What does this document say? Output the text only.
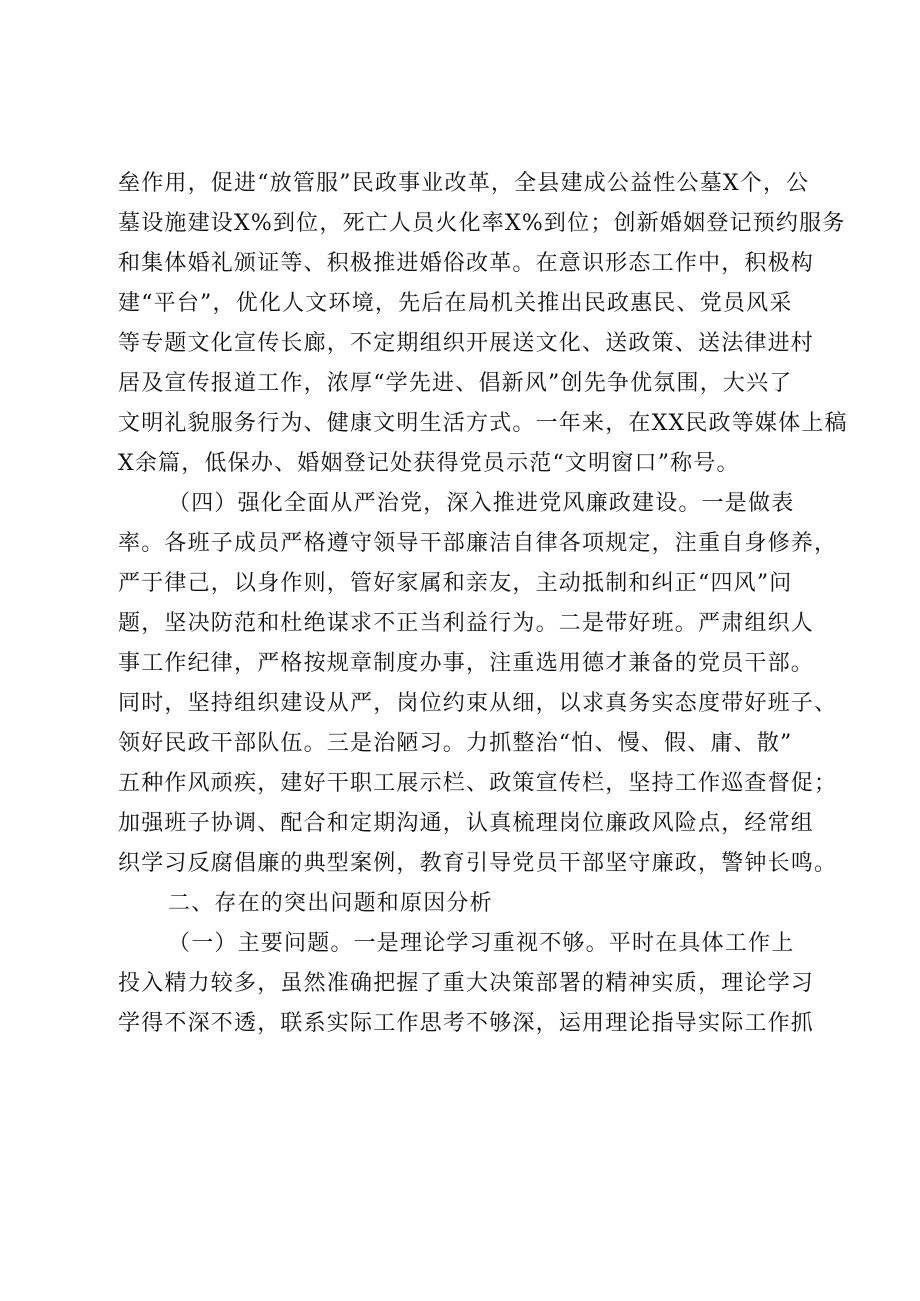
垒作用，促进“放管服”民政事业改革，全县建成公益性公墓X个，公
墓设施建设X%到位，死亡人员火化率X%到位；创新婚姻登记预约服务
和集体婚礼颁证等、积极推进婚俗改革。在意识形态工作中，积极构
建“平台”，优化人文环境，先后在局机关推出民政惠民、党员风采
等专题文化宣传长廊，不定期组织开展送文化、送政策、送法律进村
居及宣传报道工作，浓厚“学先进、倡新风”创先争优氛围，大兴了
文明礼貌服务行为、健康文明生活方式。一年来，在XX民政等媒体上稿
X余篇，低保办、婚姻登记处获得党员示范“文明窗口”称号。
（四）强化全面从严治党，深入推进党风廉政建设。一是做表
率。各班子成员严格遵守领导干部廉洁自律各项规定，注重自身修养，
严于律己，以身作则，管好家属和亲友，主动抵制和纠正“四风”问
题，坚决防范和杜绝谋求不正当利益行为。二是带好班。严肃组织人
事工作纪律，严格按规章制度办事，注重选用德才兼备的党员干部。
同时，坚持组织建设从严，岗位约束从细，以求真务实态度带好班子、
领好民政干部队伍。三是治陋习。力抓整治“怕、慢、假、庸、散”
五种作风顽疾，建好干职工展示栏、政策宣传栏，坚持工作巡查督促；
加强班子协调、配合和定期沟通，认真梳理岗位廉政风险点，经常组
织学习反腐倡廉的典型案例，教育引导党员干部坚守廉政，警钟长鸣。
二、存在的突出问题和原因分析
（一）主要问题。一是理论学习重视不够。平时在具体工作上
投入精力较多，虽然准确把握了重大决策部署的精神实质，理论学习
学得不深不透，联系实际工作思考不够深，运用理论指导实际工作抓
